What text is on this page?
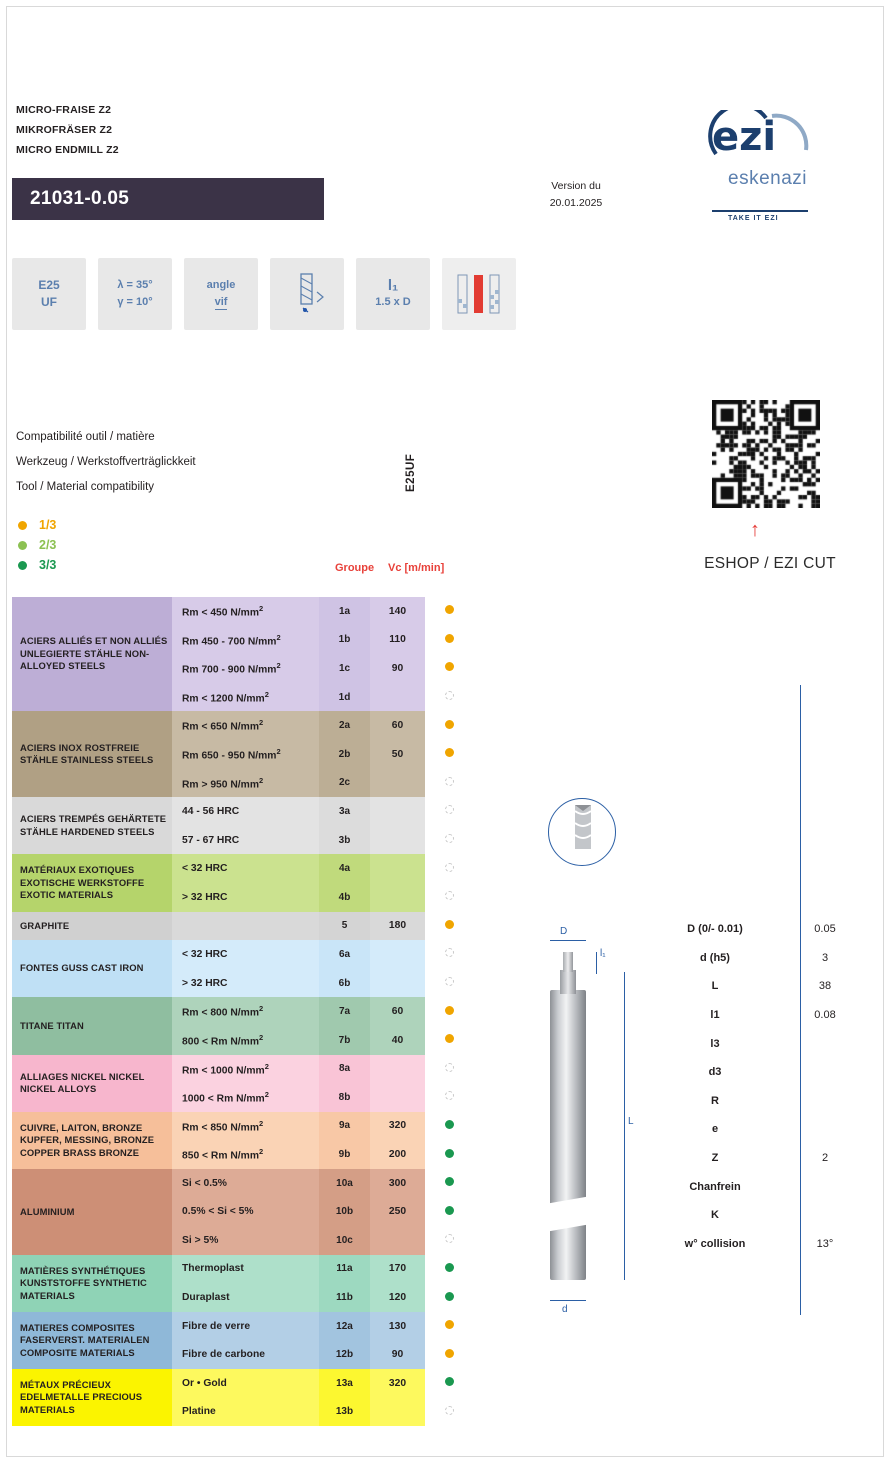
MICRO-FRAISE Z2
MIKROFRÄSER Z2
MICRO ENDMILL Z2
21031-0.05
Version du
20.01.2025
ezi
eskenazi
TAKE IT EZI
E25
UF
λ = 35°
γ = 10°
angle
vif
l₁
1.5 x D
Compatibilité outil / matière
Werkzeug / Werkstoffverträglickkeit
Tool / Material compatibility
1/3
2/3
3/3
↑
ESHOP / EZI CUT
E25UF
Groupe Vc [m/min]
ACIERS ALLIÉS ET NON ALLIÉS UNLEGIERTE STÄHLE NON-ALLOYED STEELS	Rm < 450 $N/mm^2$	1a	140	
	Rm 450 - 700 $N/mm^2$	1b	110	
	Rm 700 - 900 $N/mm^2$	1c	90	
	Rm < 1200 $N/mm^2$	1d		
ACIERS INOX ROSTFREIE STÄHLE STAINLESS STEELS	Rm < 650 $N/mm^2$	2a	60	
	Rm 650 - 950 $N/mm^2$	2b	50	
	Rm > 950 $N/mm^2$	2c		
ACIERS TREMPÉS GEHÄRTETE STÄHLE HARDENED STEELS	44 - 56 HRC	3a		
	57 - 67 HRC	3b		
MATÉRIAUX EXOTIQUES EXOTISCHE WERKSTOFFE EXOTIC MATERIALS	< 32 HRC	4a		
	> 32 HRC	4b		
GRAPHITE		5	180	
FONTES GUSS CAST IRON	< 32 HRC	6a		
	> 32 HRC	6b		
TITANE TITAN	Rm < 800 $N/mm^2$	7a	60	
	800 < Rm $N/mm^2$	7b	40	
ALLIAGES NICKEL NICKEL NICKEL ALLOYS	Rm < 1000 $N/mm^2$	8a		
	1000 < Rm $N/mm^2$	8b		
CUIVRE, LAITON, BRONZE KUPFER, MESSING, BRONZE COPPER BRASS BRONZE	Rm < 850 $N/mm^2$	9a	320	
	850 < Rm $N/mm^2$	9b	200	
ALUMINIUM	Si < 0.5%	10a	300	
	0.5% < Si < 5%	10b	250	
	Si > 5%	10c		
MATIÈRES SYNTHÉTIQUES KUNSTSTOFFE SYNTHETIC MATERIALS	Thermoplast	11a	170	
	Duraplast	11b	120	
MATIERES COMPOSITES FASERVERST. MATERIALEN COMPOSITE MATERIALS	Fibre de verre	12a	130	
	Fibre de carbone	12b	90	
MÉTAUX PRÉCIEUX EDELMETALLE PRECIOUS MATERIALS	Or • Gold	13a	320	
	Platine	13b		
D (0/- 0.01)	0.05
d (h5)	3
L	38
l1	0.08
l3
d3
R
e
Z	2
Chanfrein
K
w° collision	13°
D
l₁
L
d
